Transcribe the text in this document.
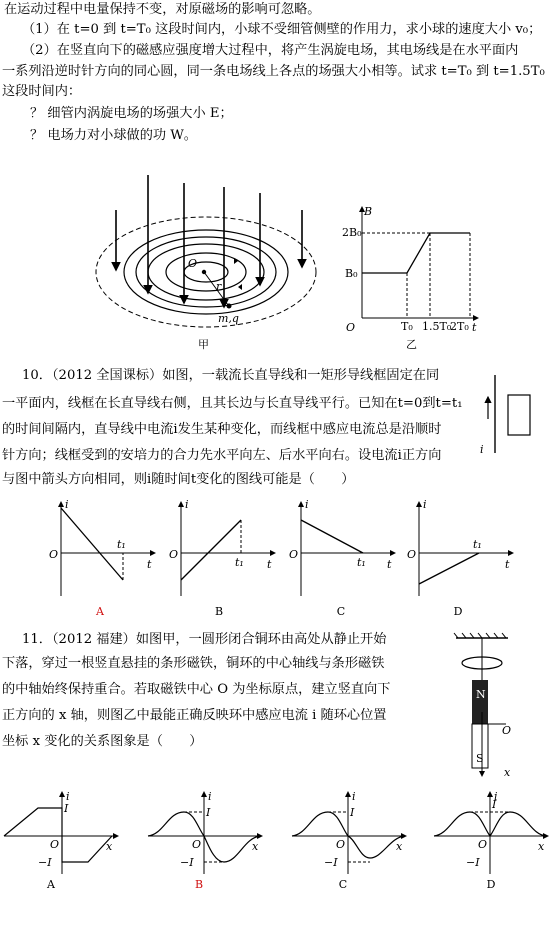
在运动过程中电量保持不变，对原磁场的影响可忽略。
（1）在 t=0 到 t=T₀ 这段时间内，小球不受细管侧壁的作用力，求小球的速度大小 v₀；
（2）在竖直向下的磁感应强度增大过程中，将产生涡旋电场，其电场线是在水平面内
一系列沿逆时针方向的同心圆，同一条电场线上各点的场强大小相等。试求 t=T₀ 到 t=1.5T₀
这段时间内：
？ 细管内涡旋电场的场强大小 E；
？ 电场力对小球做的功 W。
O
r
m,q
甲
B
t
O
2B₀
B₀
T₀ 1.5T₀
2T₀
乙
10．（2012 全国课标）如图，一载流长直导线和一矩形导线框固定在同
一平面内，线框在长直导线右侧，且其长边与长直导线平行。已知在t=0到t=t₁
的时间间隔内，直导线中电流i发生某种变化，而线框中感应电流总是沿顺时
针方向；线框受到的安培力的合力先水平向左、后水平向右。设电流i正方向
与图中箭头方向相同，则i随时间t变化的图线可能是（　　）
i
i
t
O
t₁
A
i
t
O
t₁
B
i
t
O
t₁
C
i
t
O
t₁
D
11．（2012 福建）如图甲，一圆形闭合铜环由高处从静止开始
下落，穿过一根竖直悬挂的条形磁铁，铜环的中心轴线与条形磁铁
的中轴始终保持重合。若取磁铁中心 O 为坐标原点，建立竖直向下
正方向的 x 轴，则图乙中最能正确反映环中感应电流 i 随环心位置
坐标 x 变化的关系图象是（　　）
N
S
O
x
i
x
O
I
−I
A
i
x
O
I
−I
B
i
x
O
I
−I
C
i
x
O
I
−I
D
